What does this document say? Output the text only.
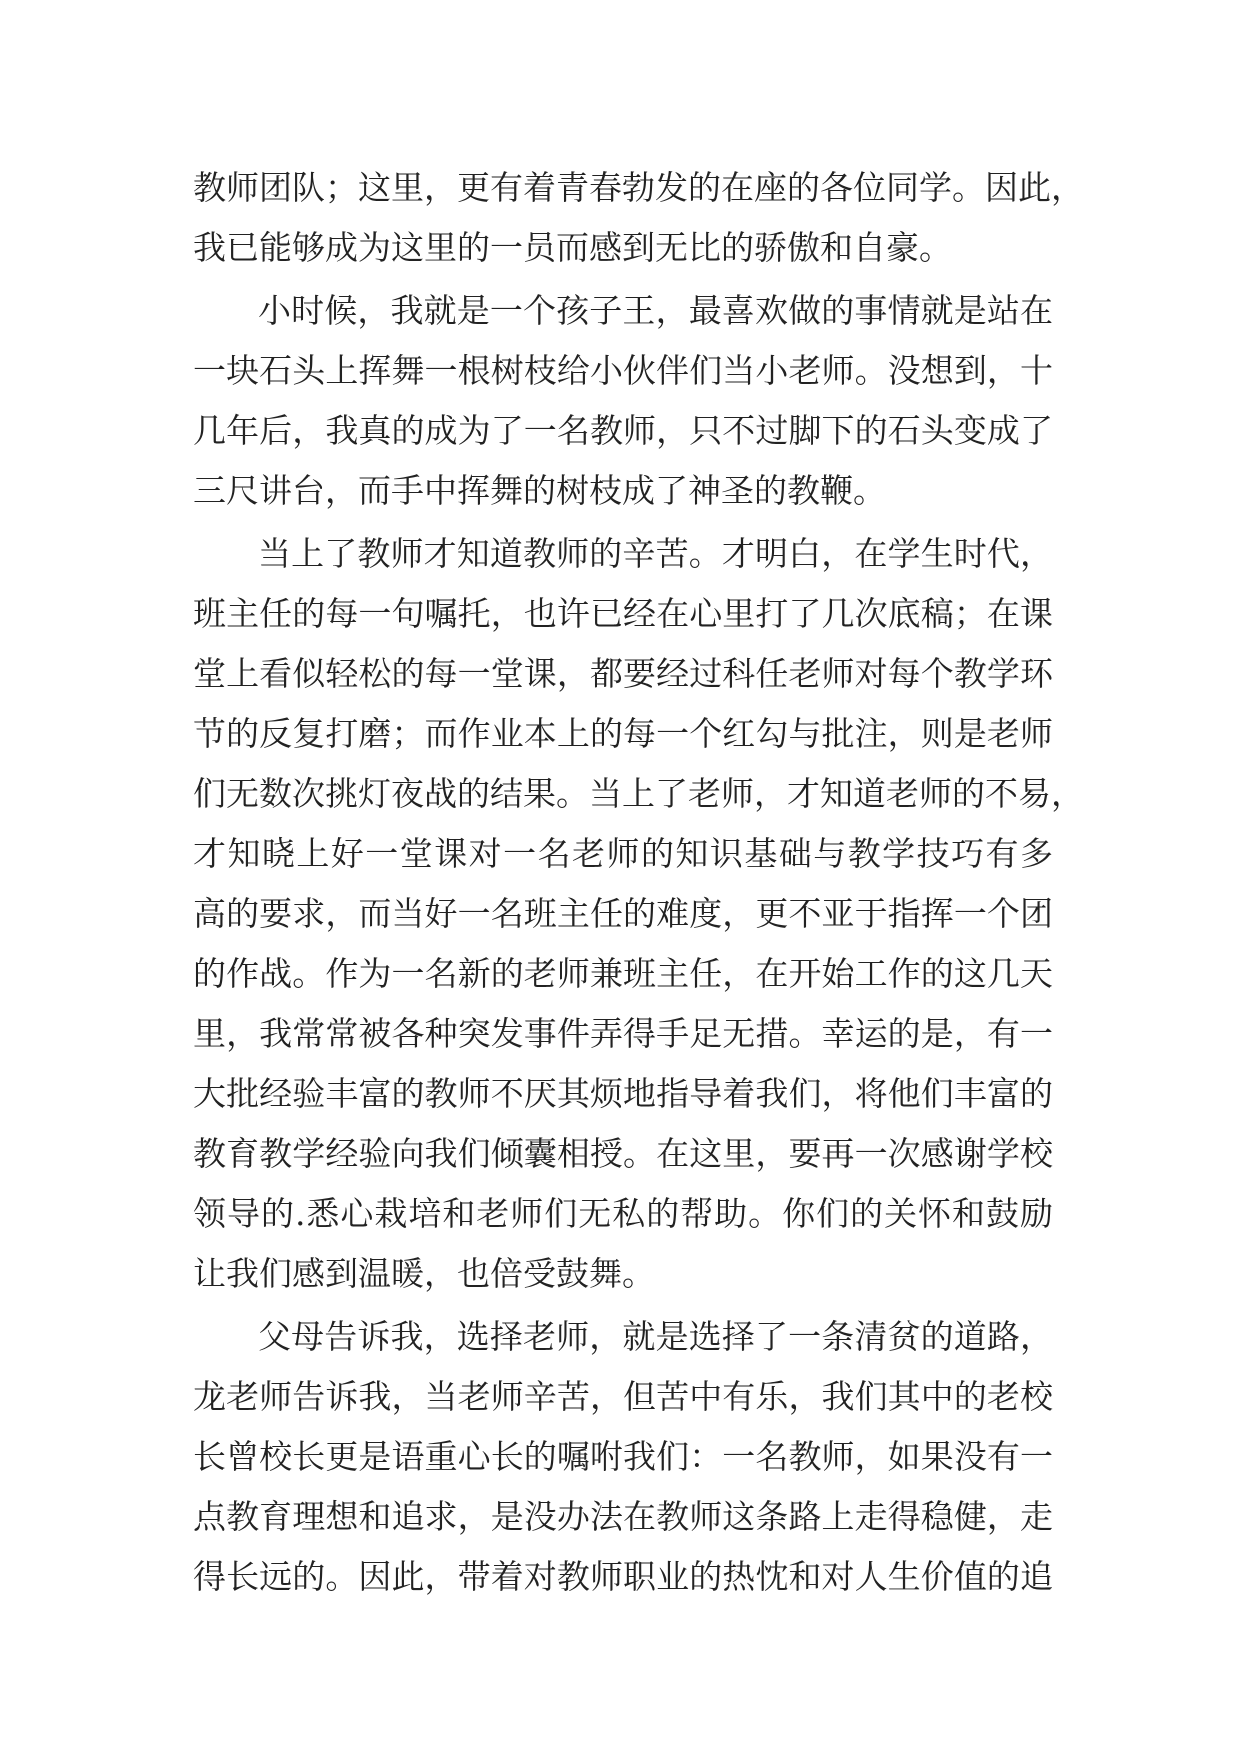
教师团队；这里，更有着青春勃发的在座的各位同学。因此，
我已能够成为这里的一员而感到无比的骄傲和自豪。
小时候，我就是一个孩子王，最喜欢做的事情就是站在
一块石头上挥舞一根树枝给小伙伴们当小老师。没想到，十
几年后，我真的成为了一名教师，只不过脚下的石头变成了
三尺讲台，而手中挥舞的树枝成了神圣的教鞭。
当上了教师才知道教师的辛苦。才明白，在学生时代，
班主任的每一句嘱托，也许已经在心里打了几次底稿；在课
堂上看似轻松的每一堂课，都要经过科任老师对每个教学环
节的反复打磨；而作业本上的每一个红勾与批注，则是老师
们无数次挑灯夜战的结果。当上了老师，才知道老师的不易，
才知晓上好一堂课对一名老师的知识基础与教学技巧有多
高的要求，而当好一名班主任的难度，更不亚于指挥一个团
的作战。作为一名新的老师兼班主任，在开始工作的这几天
里，我常常被各种突发事件弄得手足无措。幸运的是，有一
大批经验丰富的教师不厌其烦地指导着我们，将他们丰富的
教育教学经验向我们倾囊相授。在这里，要再一次感谢学校
领导的.悉心栽培和老师们无私的帮助。你们的关怀和鼓励
让我们感到温暖，也倍受鼓舞。
父母告诉我，选择老师，就是选择了一条清贫的道路，
龙老师告诉我，当老师辛苦，但苦中有乐，我们其中的老校
长曾校长更是语重心长的嘱咐我们：一名教师，如果没有一
点教育理想和追求，是没办法在教师这条路上走得稳健，走
得长远的。因此，带着对教师职业的热忱和对人生价值的追
